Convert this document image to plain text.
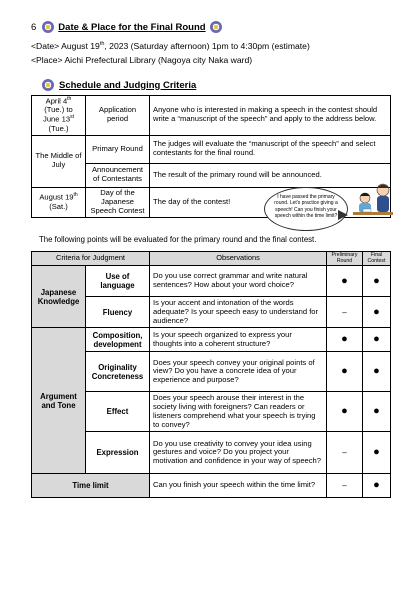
6 Date & Place for the Final Round
<Date> August 19th, 2023 (Saturday afternoon) 1pm to 4:30pm (estimate)
<Place> Aichi Prefectural Library (Nagoya city Naka ward)
Schedule and Judging Criteria
April 4th
(Tue.) to
June 13st
(Tue.)	Application period	Anyone who is interested in making a speech in the contest should write a “manuscript of the speech” and apply to the address below.
The Middle of July	Primary Round	The judges will evaluate the “manuscript of the speech” and select contestants for the final round.
	Announcement of Contestants	The result of the primary round will be announced.
August 19th
(Sat.)	Day of the Japanese Speech Contest	The day of the contest!	I have passed the primary round. Let's practice giving a speech! Can you finish your speech within the time limit?
The following points will be evaluated for the primary round and the final contest.
Criteria for Judgment		Observations	Preliminary Round	Final Contest
Japanese Knowledge	Use of language	Do you use correct grammar and write natural sentences? How about your word choice?	●	●
	Fluency	Is your accent and intonation of the words adequate? Is your speech easy to understand for audience?	–	●
Argument and Tone	Composition, development	Is your speech organized to express your thoughts into a coherent structure?	●	●
	Originality Concreteness	Does your speech convey your original points of view? Do you have a concrete idea of your experience and purpose?	●	●
	Effect	Does your speech arouse their interest in the society living with foreigners? Can readers or listeners comprehend what your speech is trying to convey?	●	●
	Expression	Do you use creativity to convey your idea using gestures and voice? Do you project your motivation and confidence in your way of speech?	–	●
Time limit		Can you finish your speech within the time limit?	–	●
